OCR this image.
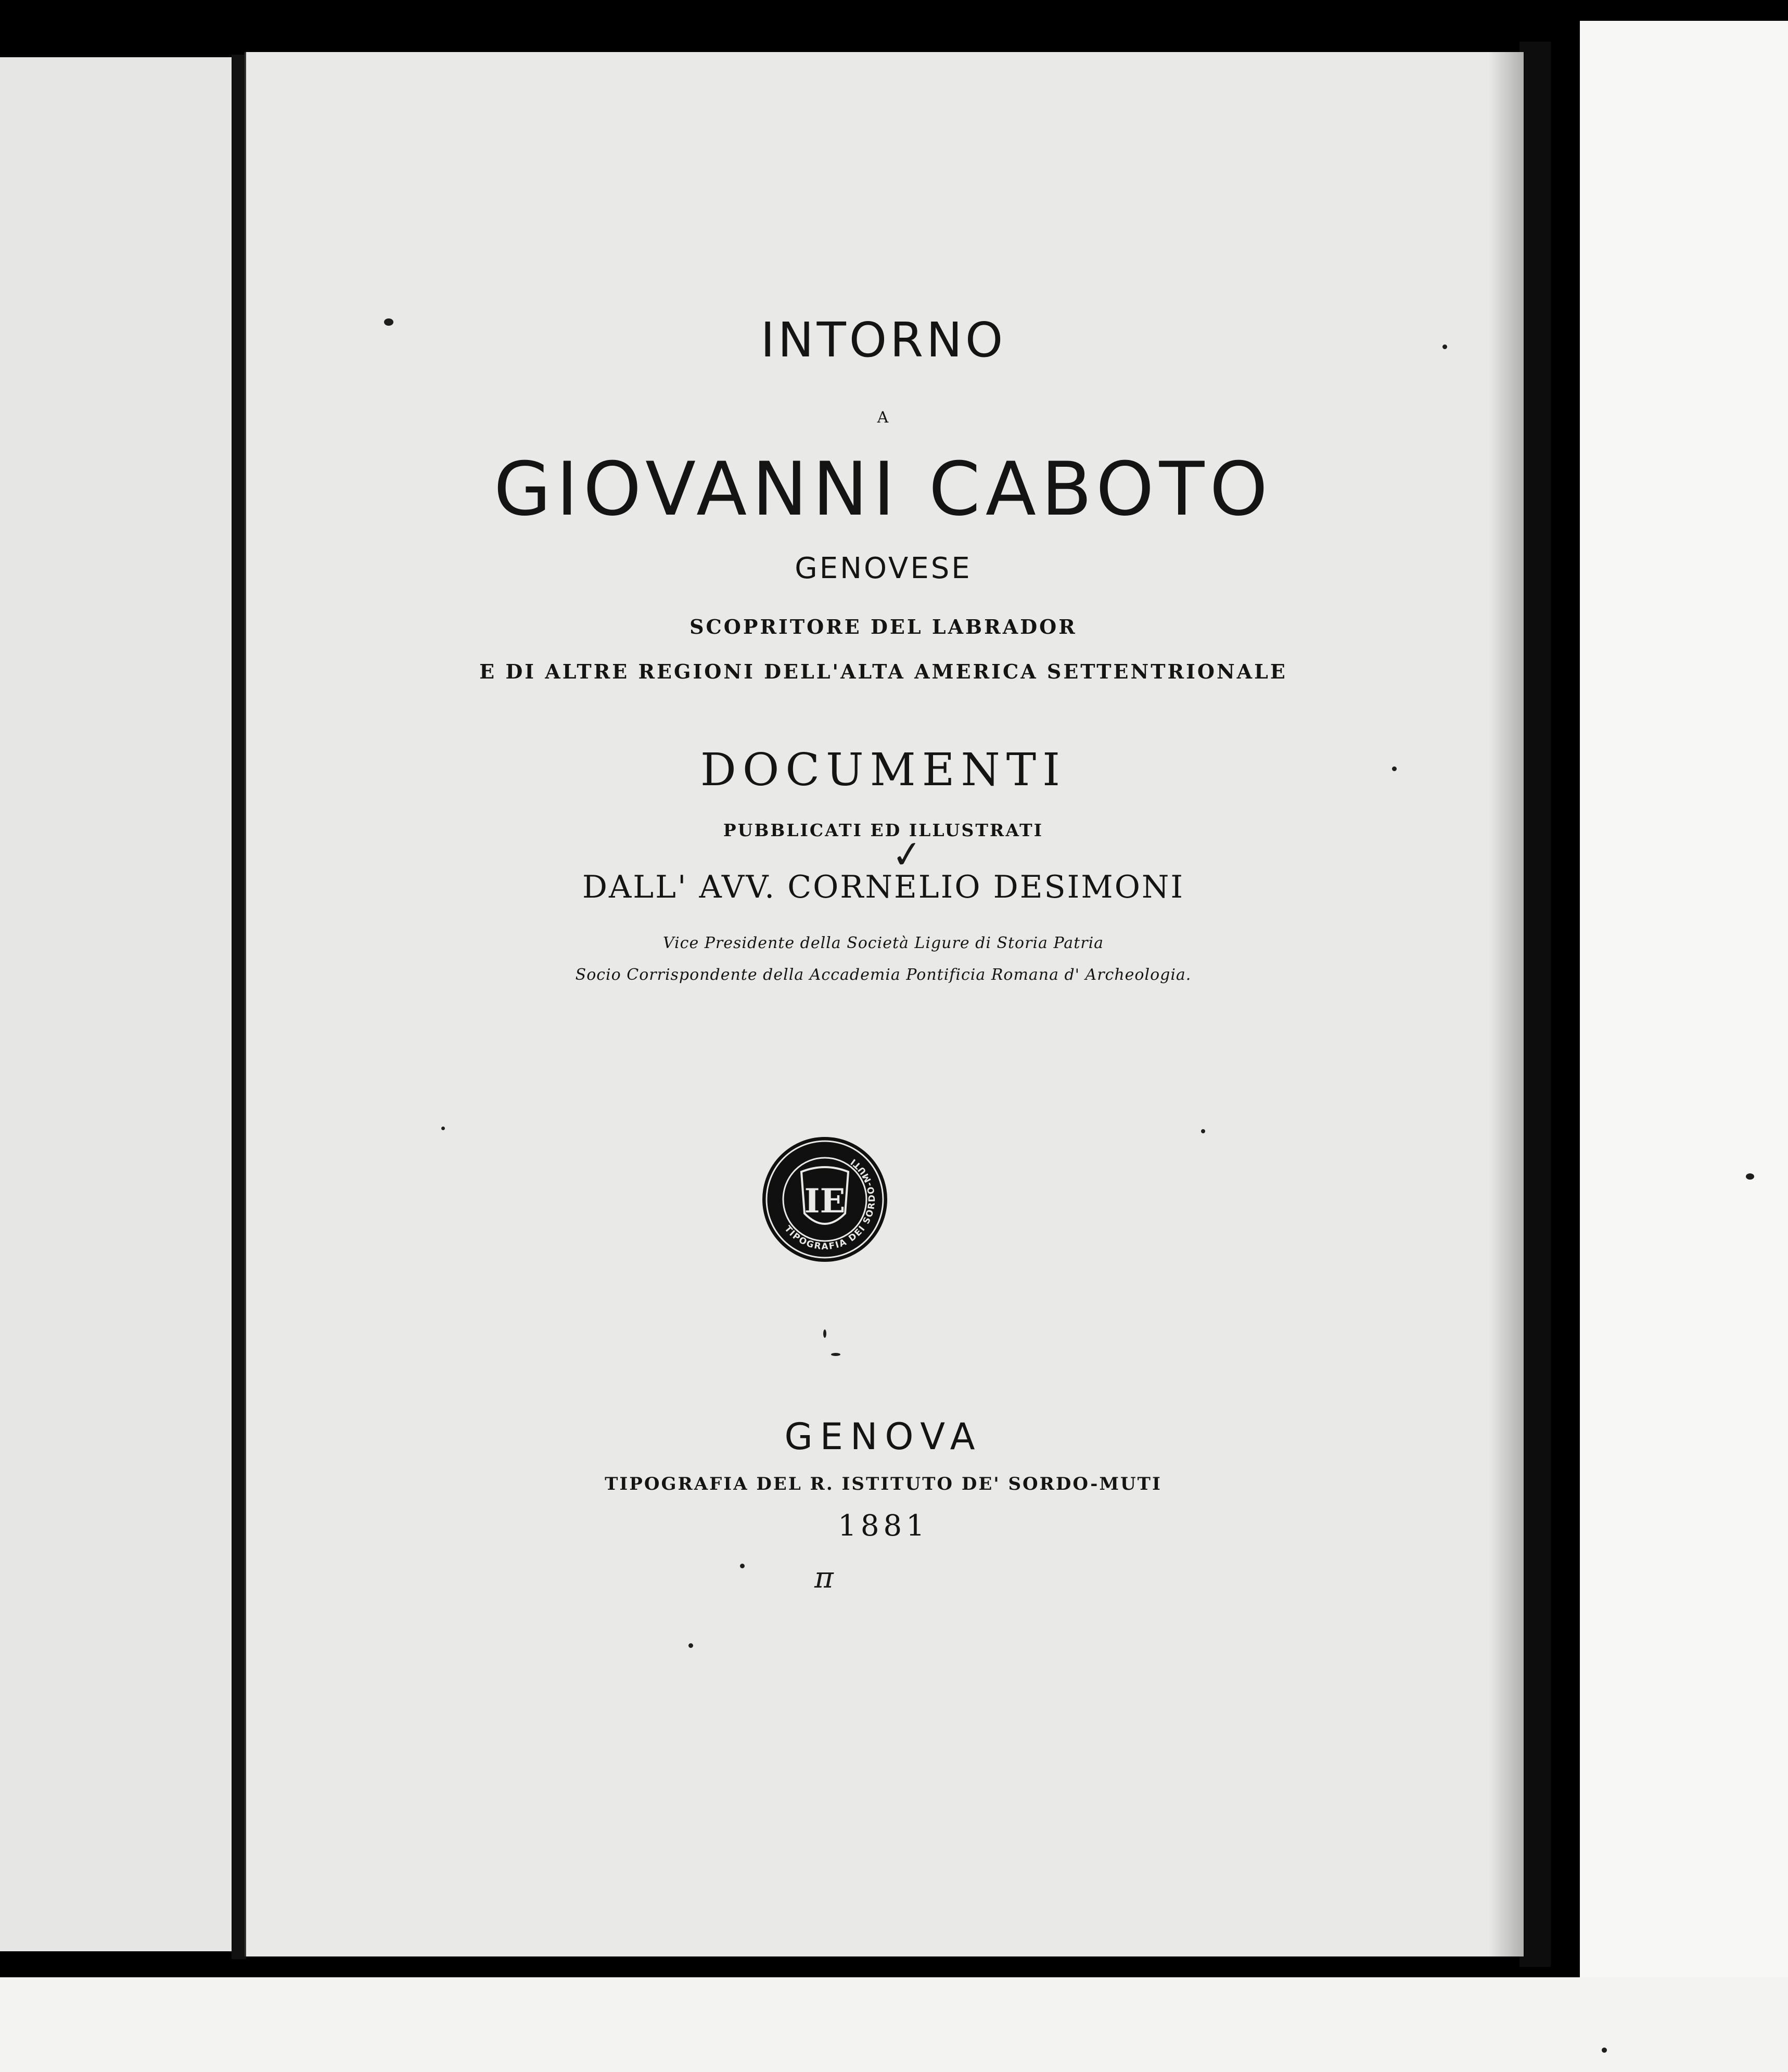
INTORNO
A
GIOVANNI CABOTO
GENOVESE
SCOPRITORE DEL LABRADOR
E DI ALTRE REGIONI DELL'ALTA AMERICA SETTENTRIONALE
DOCUMENTI
PUBBLICATI ED ILLUSTRATI
DALL' AVV. CORNELIO DESIMONI
Vice Presidente della Società Ligure di Storia Patria
Socio Corrispondente della Accademia Pontificia Romana d' Archeologia.
IE
TIPOGRAFIA DEI SORDO-MUTI
GENOVA
TIPOGRAFIA DEL R. ISTITUTO DE' SORDO-MUTI
1881
✓
π
